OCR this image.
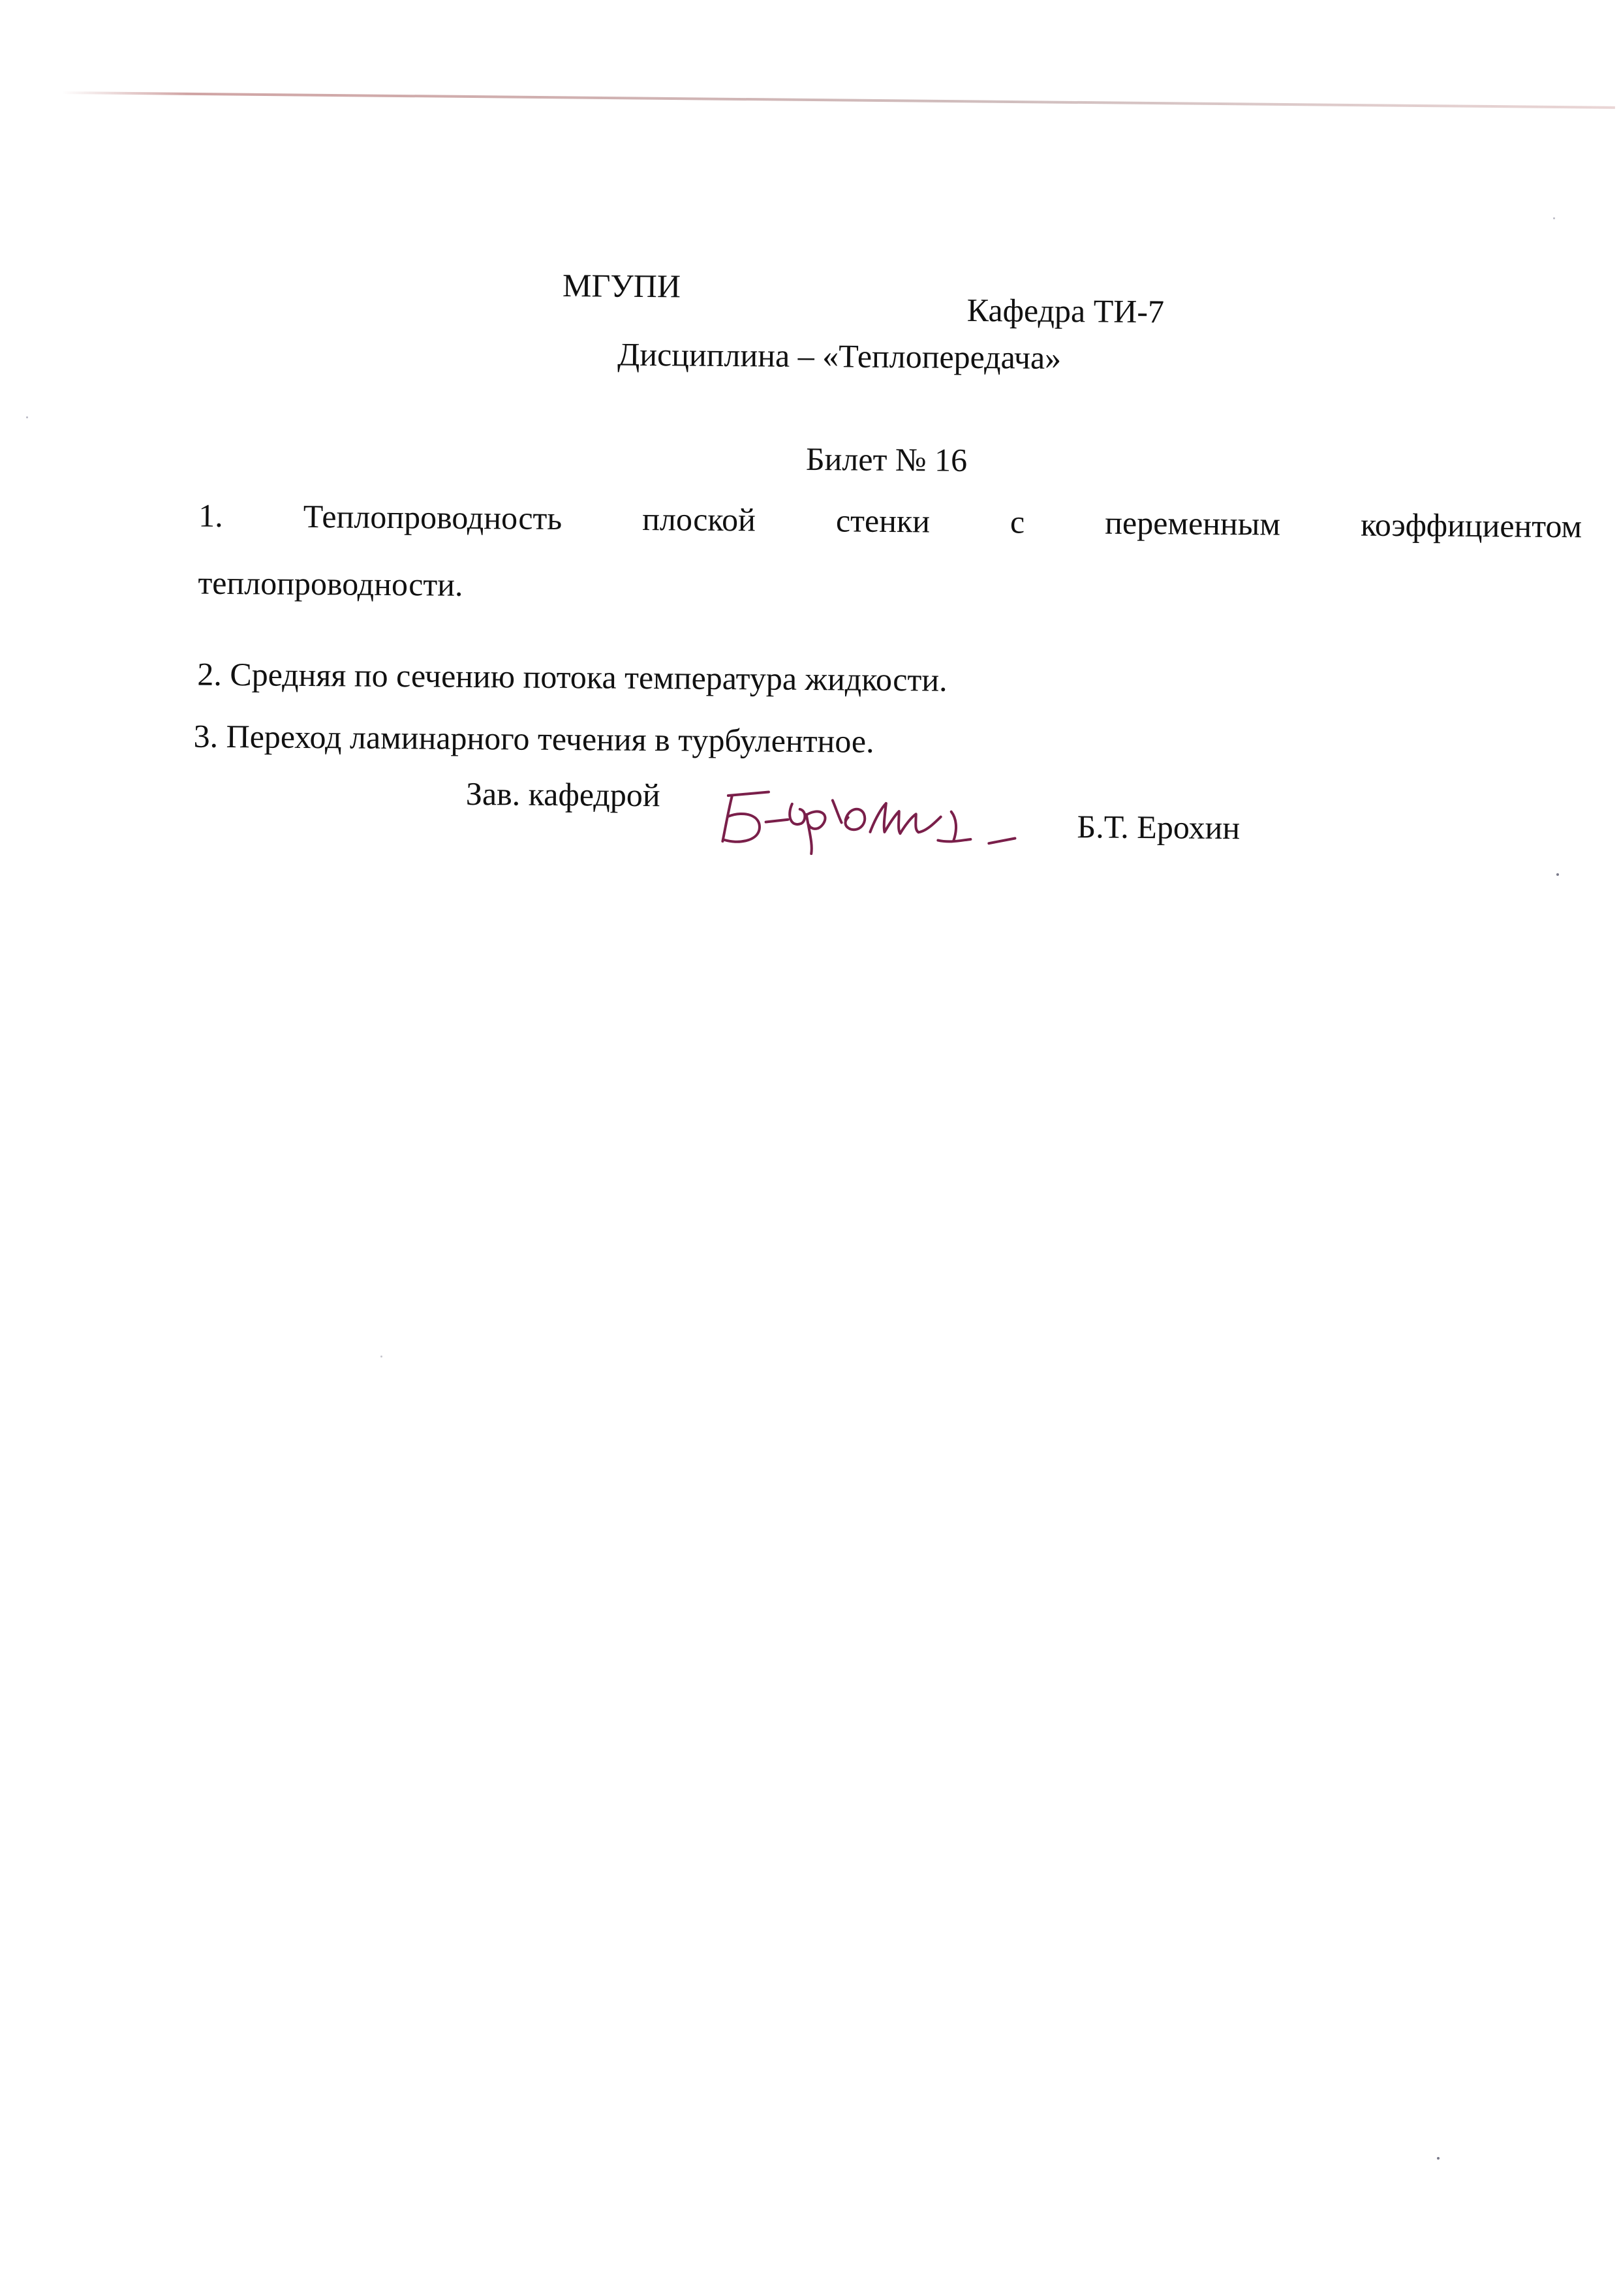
МГУПИ
Кафедра ТИ-7
Дисциплина – «Теплопередача»
Билет № 16
1. Теплопроводность плоской стенки с переменным коэффициентом
теплопроводности.
2. Средняя по сечению потока температура жидкости.
3. Переход ламинарного течения в турбулентное.
Зав. кафедрой
Б.Т. Ерохин
